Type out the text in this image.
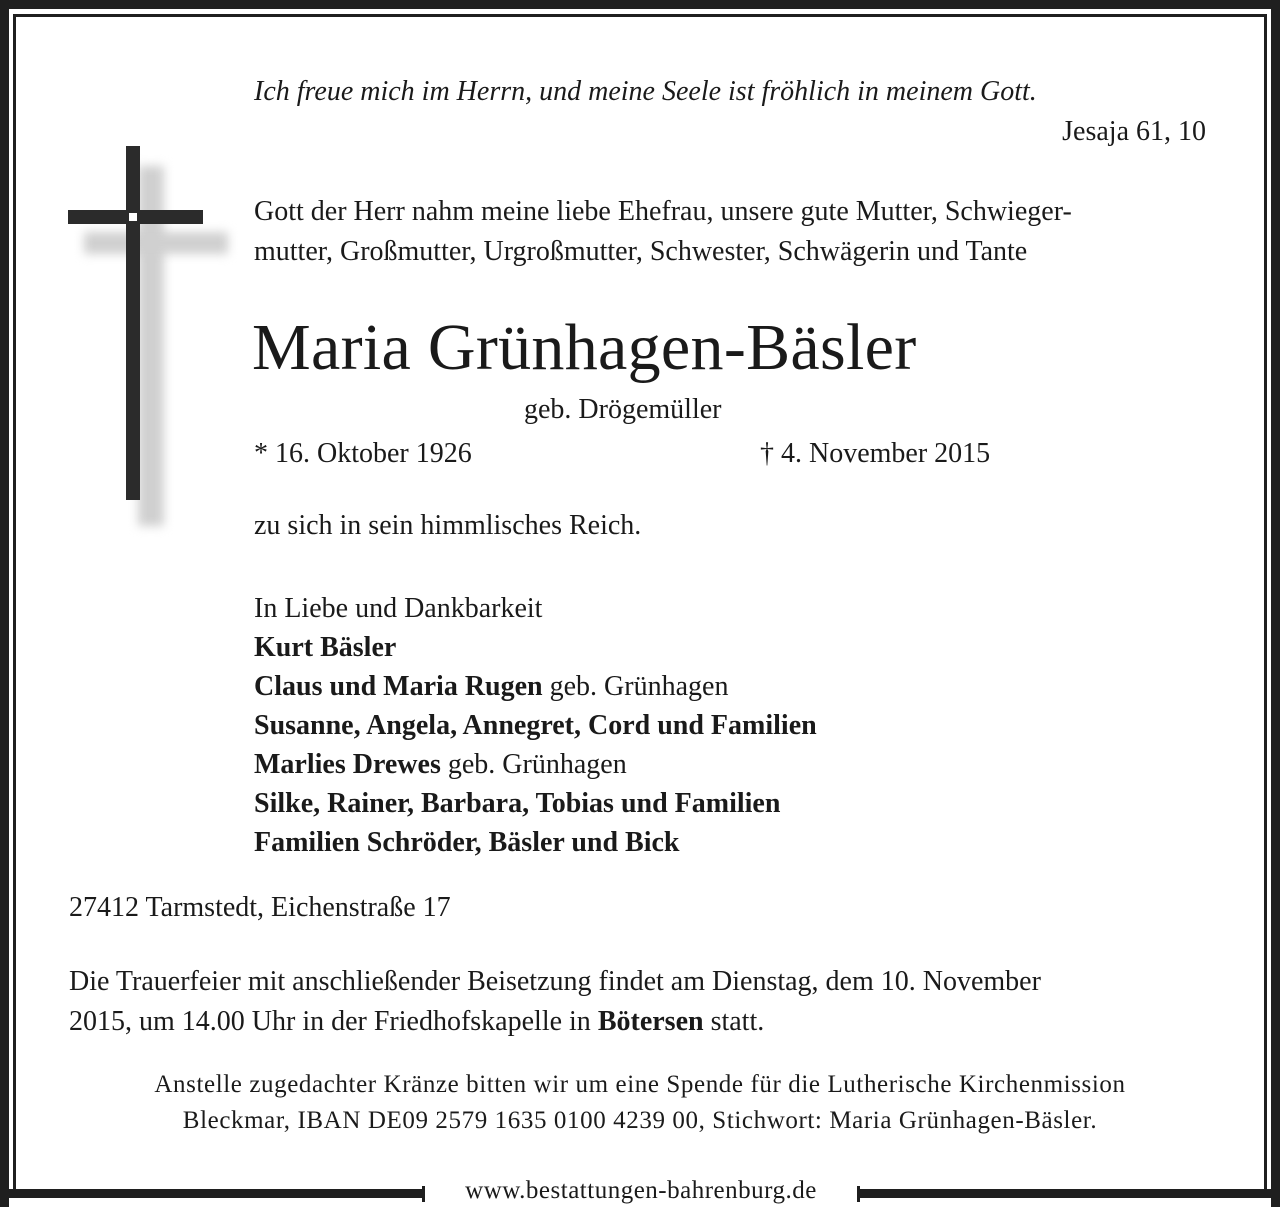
www.bestattungen-bahrenburg.de
Ich freue mich im Herrn, und meine Seele ist fröhlich in meinem Gott.
Jesaja 61, 10
Gott der Herr nahm meine liebe Ehefrau, unsere gute Mutter, Schwieger-
mutter, Großmutter, Urgroßmutter, Schwester, Schwägerin und Tante
Maria Grünhagen-Bäsler
geb. Drögemüller
* 16. Oktober 1926	† 4. November 2015
zu sich in sein himmlisches Reich.
In Liebe und Dankbarkeit
Kurt Bäsler
Claus und Maria Rugen geb. Grünhagen
Susanne, Angela, Annegret, Cord und Familien
Marlies Drewes geb. Grünhagen
Silke, Rainer, Barbara, Tobias und Familien
Familien Schröder, Bäsler und Bick
27412 Tarmstedt, Eichenstraße 17
Die Trauerfeier mit anschließender Beisetzung findet am Dienstag, dem 10. November
2015, um 14.00 Uhr in der Friedhofskapelle in Bötersen statt.
Anstelle zugedachter Kränze bitten wir um eine Spende für die Lutherische Kirchenmission
Bleckmar, IBAN DE09 2579 1635 0100 4239 00, Stichwort: Maria Grünhagen-Bäsler.
